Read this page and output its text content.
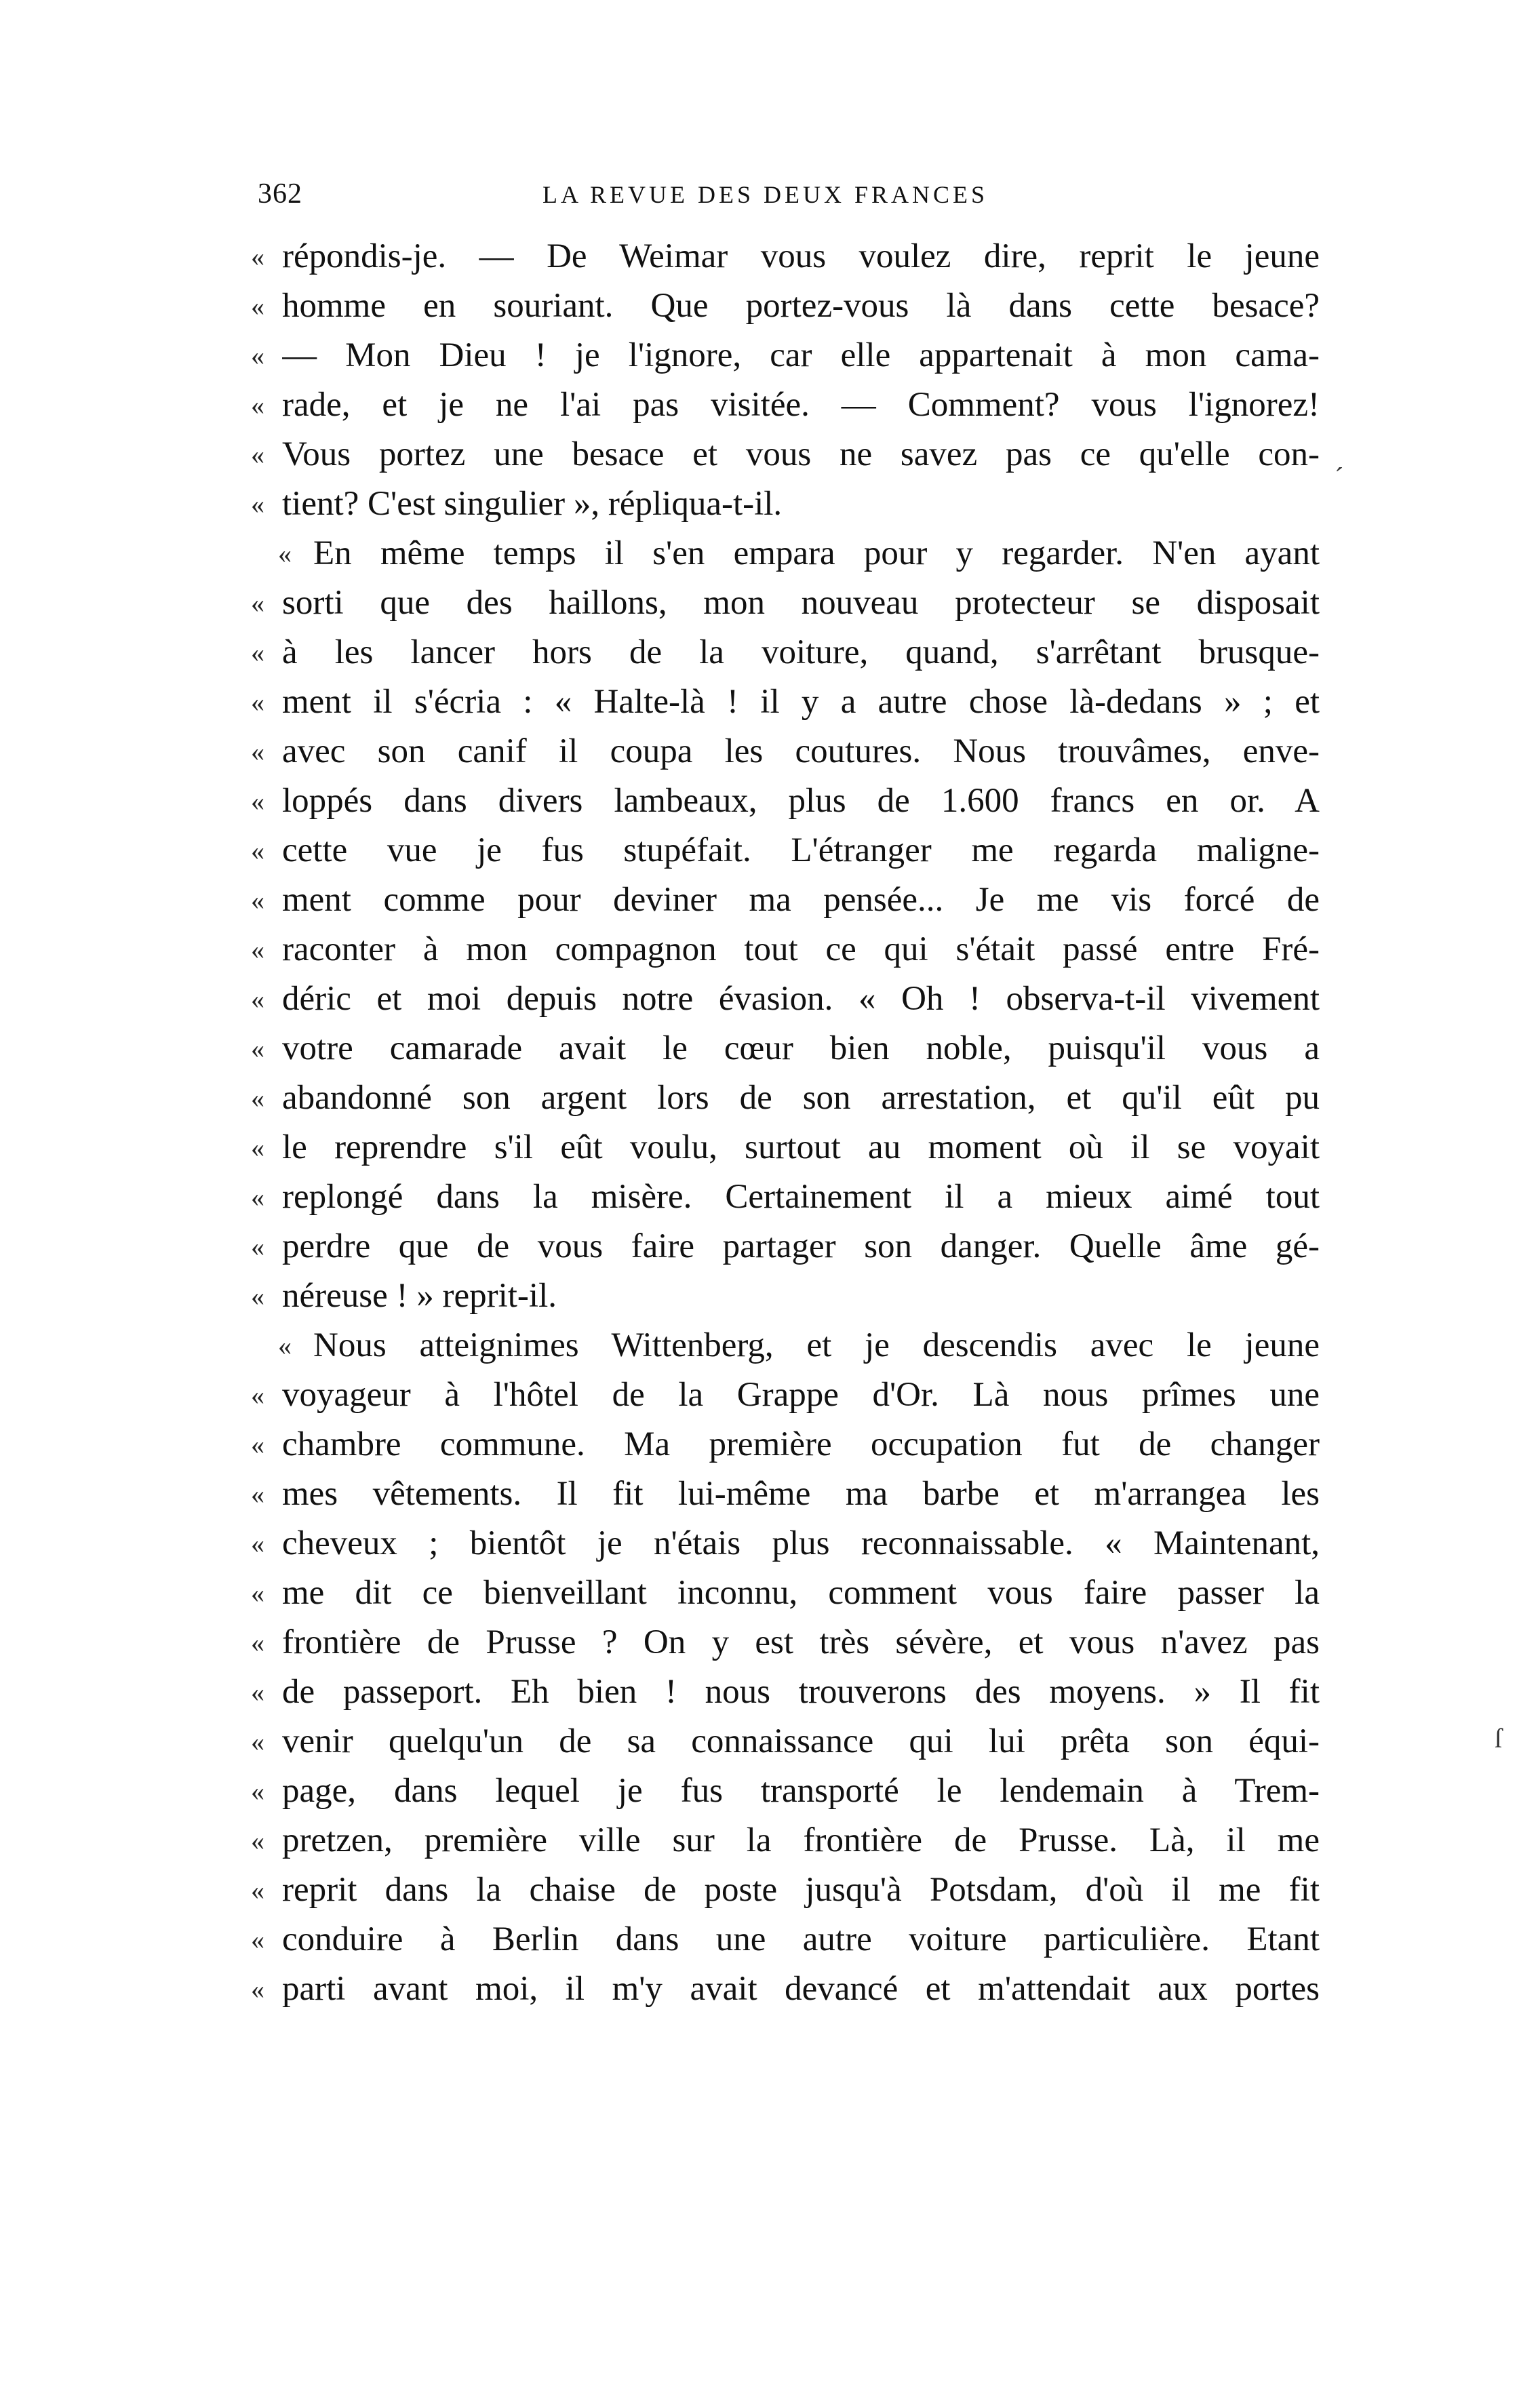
362	LA REVUE DES DEUX FRANCES
´
ſ
« répondis-je. — De Weimar vous voulez dire, reprit le jeune
« homme en souriant. Que portez-vous là dans cette besace?
« — Mon Dieu ! je l'ignore, car elle appartenait à mon cama-
« rade, et je ne l'ai pas visitée. — Comment? vous l'ignorez!
« Vous portez une besace et vous ne savez pas ce qu'elle con-
« tient? C'est singulier », répliqua-t-il.
« En même temps il s'en empara pour y regarder. N'en ayant
« sorti que des haillons, mon nouveau protecteur se disposait
« à les lancer hors de la voiture, quand, s'arrêtant brusque-
« ment il s'écria : « Halte-là ! il y a autre chose là-dedans » ; et
« avec son canif il coupa les coutures. Nous trouvâmes, enve-
« loppés dans divers lambeaux, plus de 1.600 francs en or. A
« cette vue je fus stupéfait. L'étranger me regarda maligne-
« ment comme pour deviner ma pensée... Je me vis forcé de
« raconter à mon compagnon tout ce qui s'était passé entre Fré-
« déric et moi depuis notre évasion. « Oh ! observa-t-il vivement
« votre camarade avait le cœur bien noble, puisqu'il vous a
« abandonné son argent lors de son arrestation, et qu'il eût pu
« le reprendre s'il eût voulu, surtout au moment où il se voyait
« replongé dans la misère. Certainement il a mieux aimé tout
« perdre que de vous faire partager son danger. Quelle âme gé-
« néreuse ! » reprit-il.
« Nous atteignimes Wittenberg, et je descendis avec le jeune
« voyageur à l'hôtel de la Grappe d'Or. Là nous prîmes une
« chambre commune. Ma première occupation fut de changer
« mes vêtements. Il fit lui-même ma barbe et m'arrangea les
« cheveux ; bientôt je n'étais plus reconnaissable. « Maintenant,
« me dit ce bienveillant inconnu, comment vous faire passer la
« frontière de Prusse ? On y est très sévère, et vous n'avez pas
« de passeport. Eh bien ! nous trouverons des moyens. » Il fit
« venir quelqu'un de sa connaissance qui lui prêta son équi-
« page, dans lequel je fus transporté le lendemain à Trem-
« pretzen, première ville sur la frontière de Prusse. Là, il me
« reprit dans la chaise de poste jusqu'à Potsdam, d'où il me fit
« conduire à Berlin dans une autre voiture particulière. Etant
« parti avant moi, il m'y avait devancé et m'attendait aux portes
